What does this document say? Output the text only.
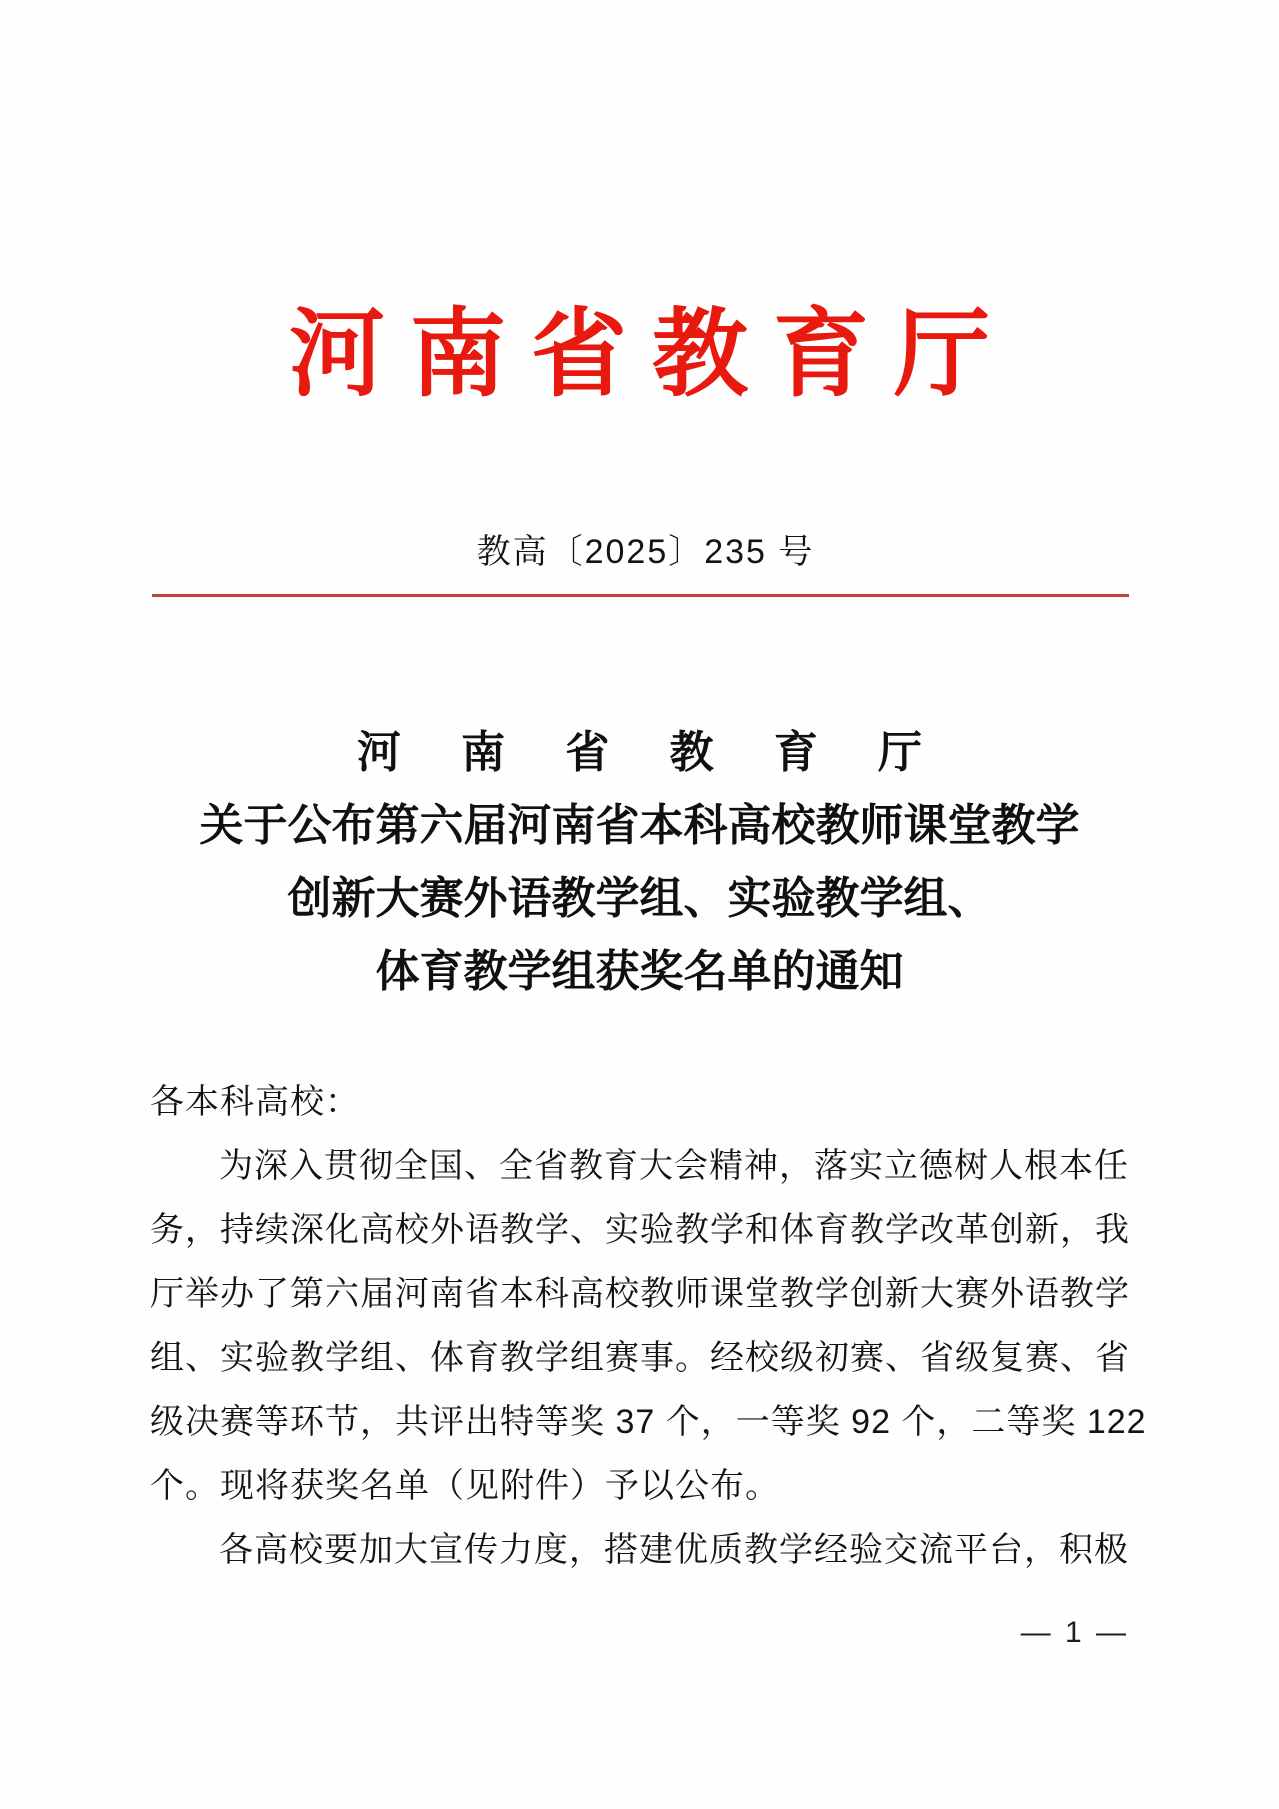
河南省教育厅
教高〔2025〕235 号
河 南 省 教 育 厅
关于公布第六届河南省本科高校教师课堂教学
创新大赛外语教学组、实验教学组、
体育教学组获奖名单的通知
各本科高校：
为深入贯彻全国、全省教育大会精神，落实立德树人根本任
务，持续深化高校外语教学、实验教学和体育教学改革创新，我
厅举办了第六届河南省本科高校教师课堂教学创新大赛外语教学
组、实验教学组、体育教学组赛事。经校级初赛、省级复赛、省
级决赛等环节，共评出特等奖 37 个，一等奖 92 个，二等奖 122
个。现将获奖名单（见附件）予以公布。
各高校要加大宣传力度，搭建优质教学经验交流平台，积极
— 1 —
